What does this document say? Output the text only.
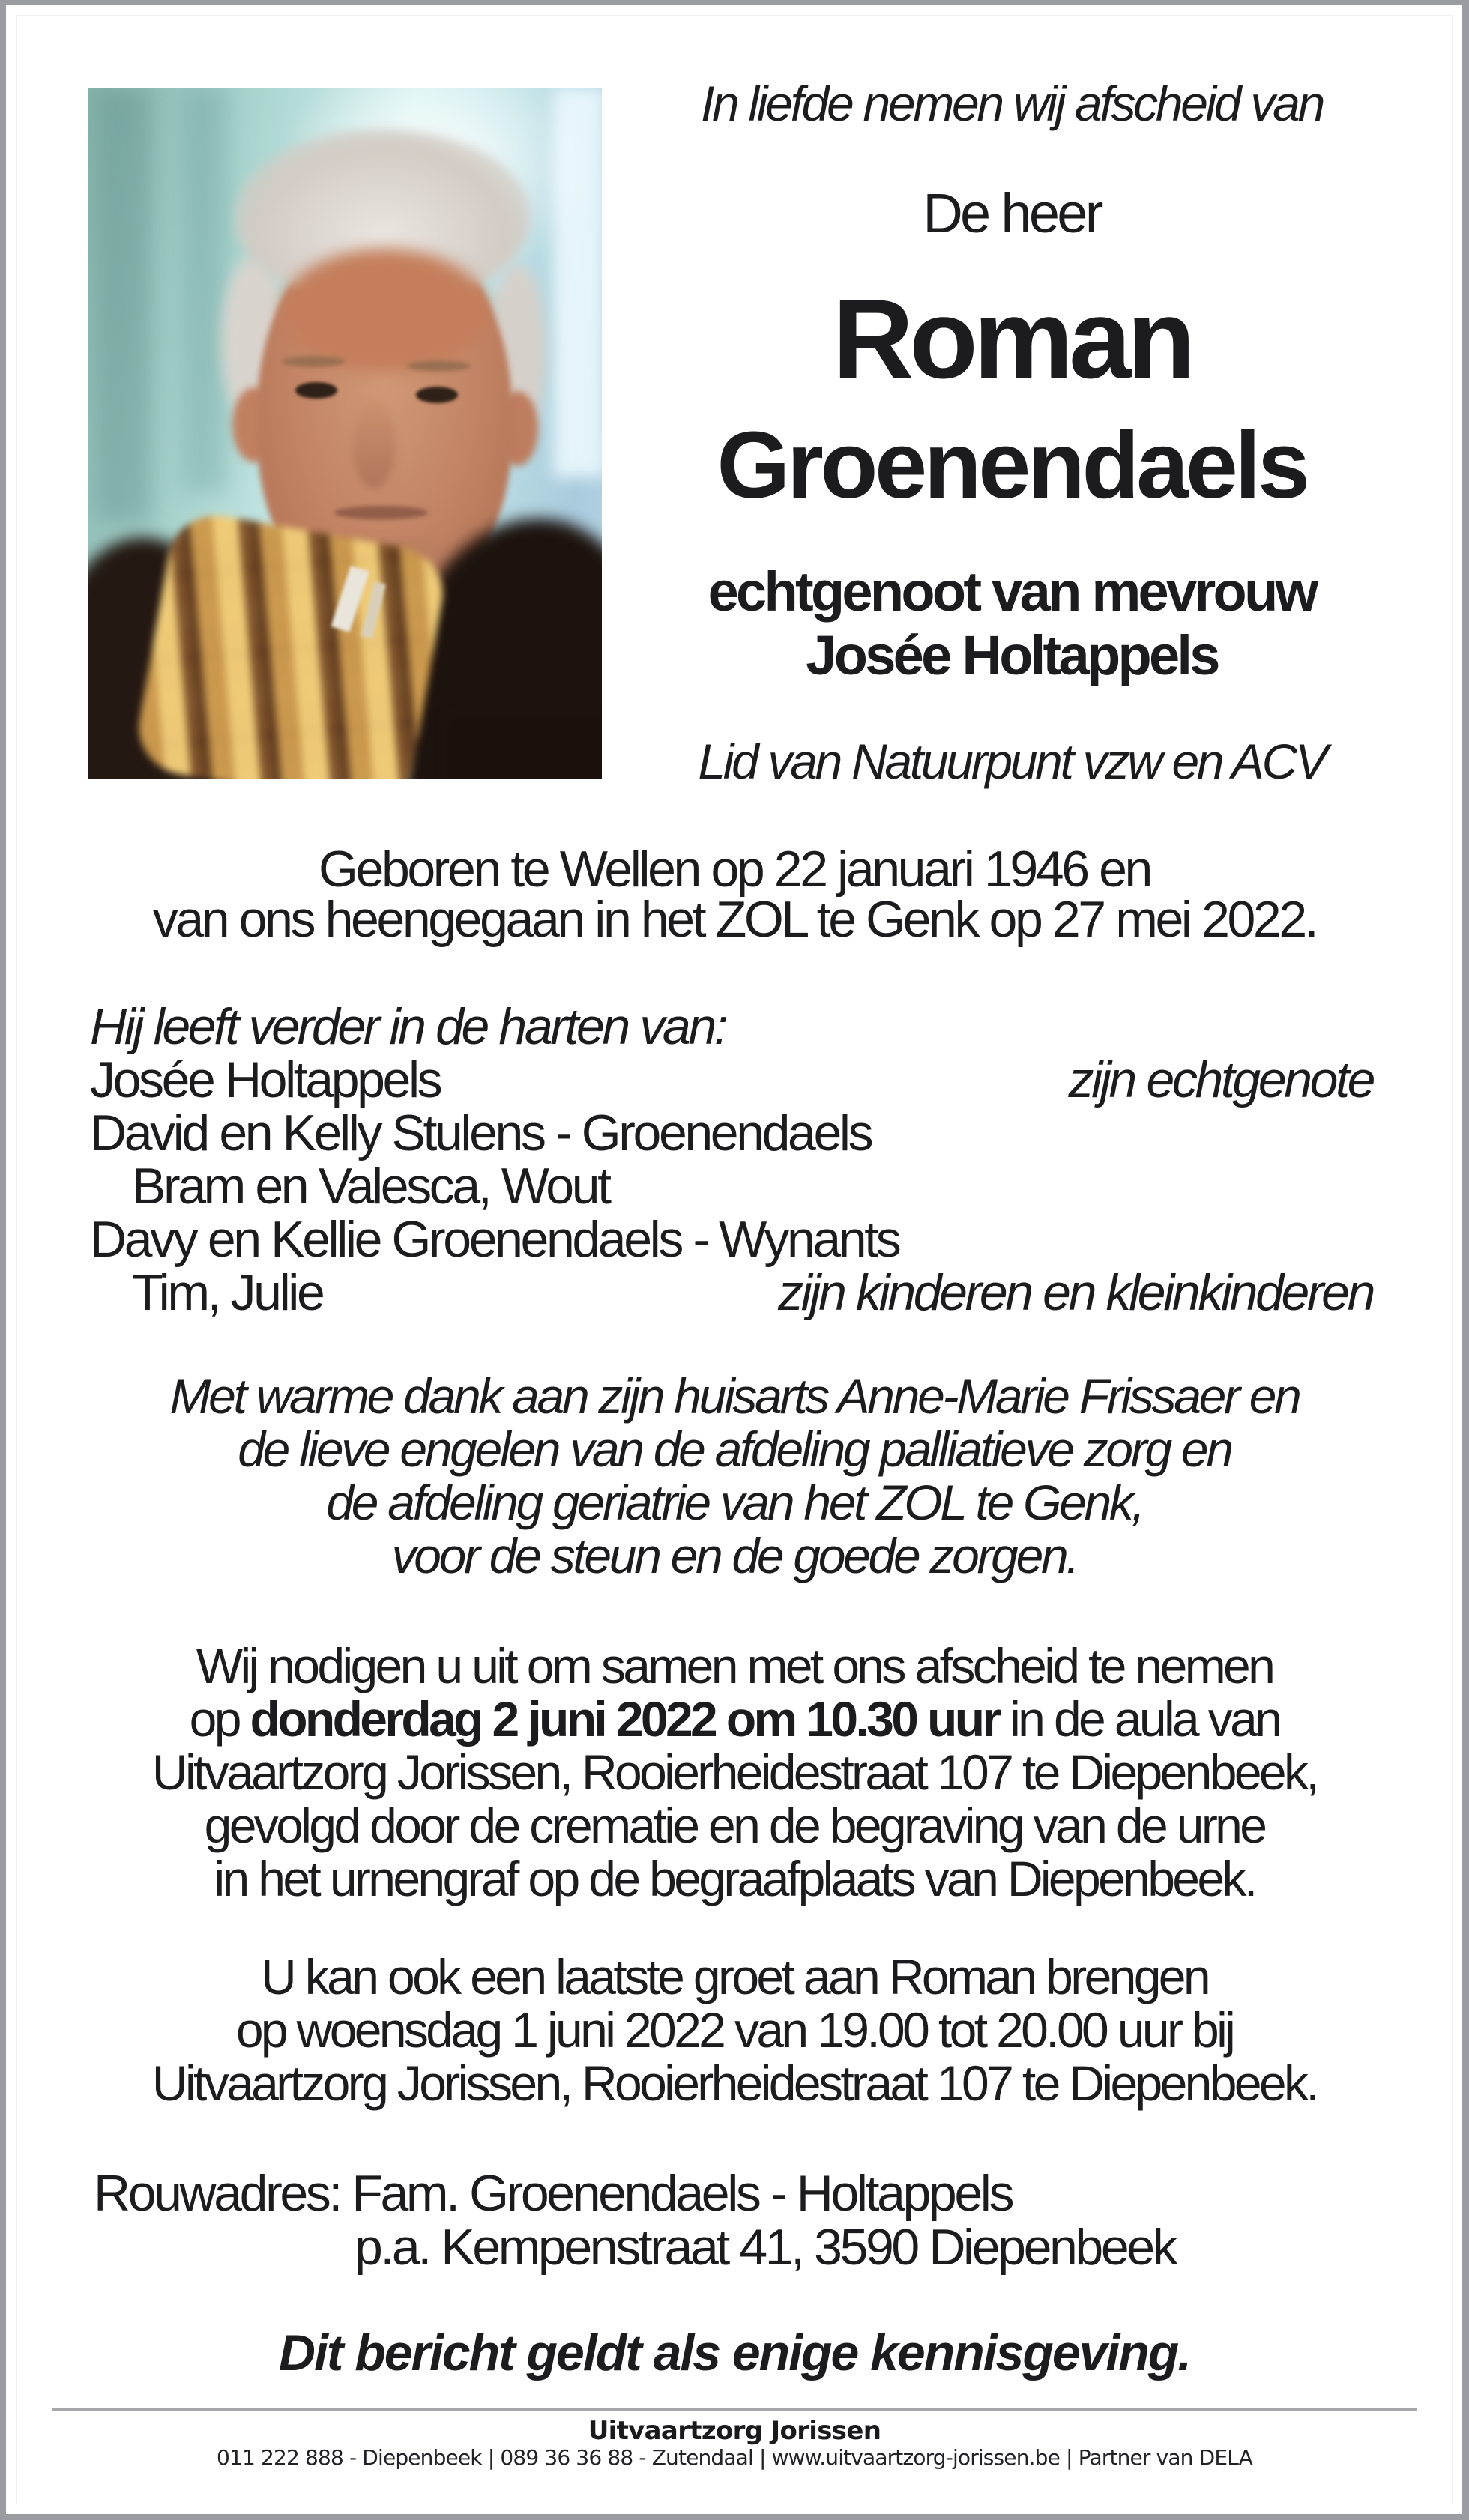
In liefde nemen wij afscheid van
De heer
Roman
Groenendaels
echtgenoot van mevrouw
Josée Holtappels
Lid van Natuurpunt vzw en ACV
Geboren te Wellen op 22 januari 1946 en
van ons heengegaan in het ZOL te Genk op 27 mei 2022.
Hij leeft verder in de harten van:
Josée Holtappels	zijn echtgenote
David en Kelly Stulens - Groenendaels
Bram en Valesca, Wout
Davy en Kellie Groenendaels - Wynants
Tim, Julie	zijn kinderen en kleinkinderen
Met warme dank aan zijn huisarts Anne-Marie Frissaer en
de lieve engelen van de afdeling palliatieve zorg en
de afdeling geriatrie van het ZOL te Genk,
voor de steun en de goede zorgen.
Wij nodigen u uit om samen met ons afscheid te nemen
op donderdag 2 juni 2022 om 10.30 uur in de aula van
Uitvaartzorg Jorissen, Rooierheidestraat 107 te Diepenbeek,
gevolgd door de crematie en de begraving van de urne
in het urnengraf op de begraafplaats van Diepenbeek.
U kan ook een laatste groet aan Roman brengen
op woensdag 1 juni 2022 van 19.00 tot 20.00 uur bij
Uitvaartzorg Jorissen, Rooierheidestraat 107 te Diepenbeek.
Rouwadres: Fam. Groenendaels - Holtappels
p.a. Kempenstraat 41, 3590 Diepenbeek
Dit bericht geldt als enige kennisgeving.
Uitvaartzorg Jorissen
011 222 888 - Diepenbeek | 089 36 36 88 - Zutendaal | www.uitvaartzorg-jorissen.be | Partner van DELA
